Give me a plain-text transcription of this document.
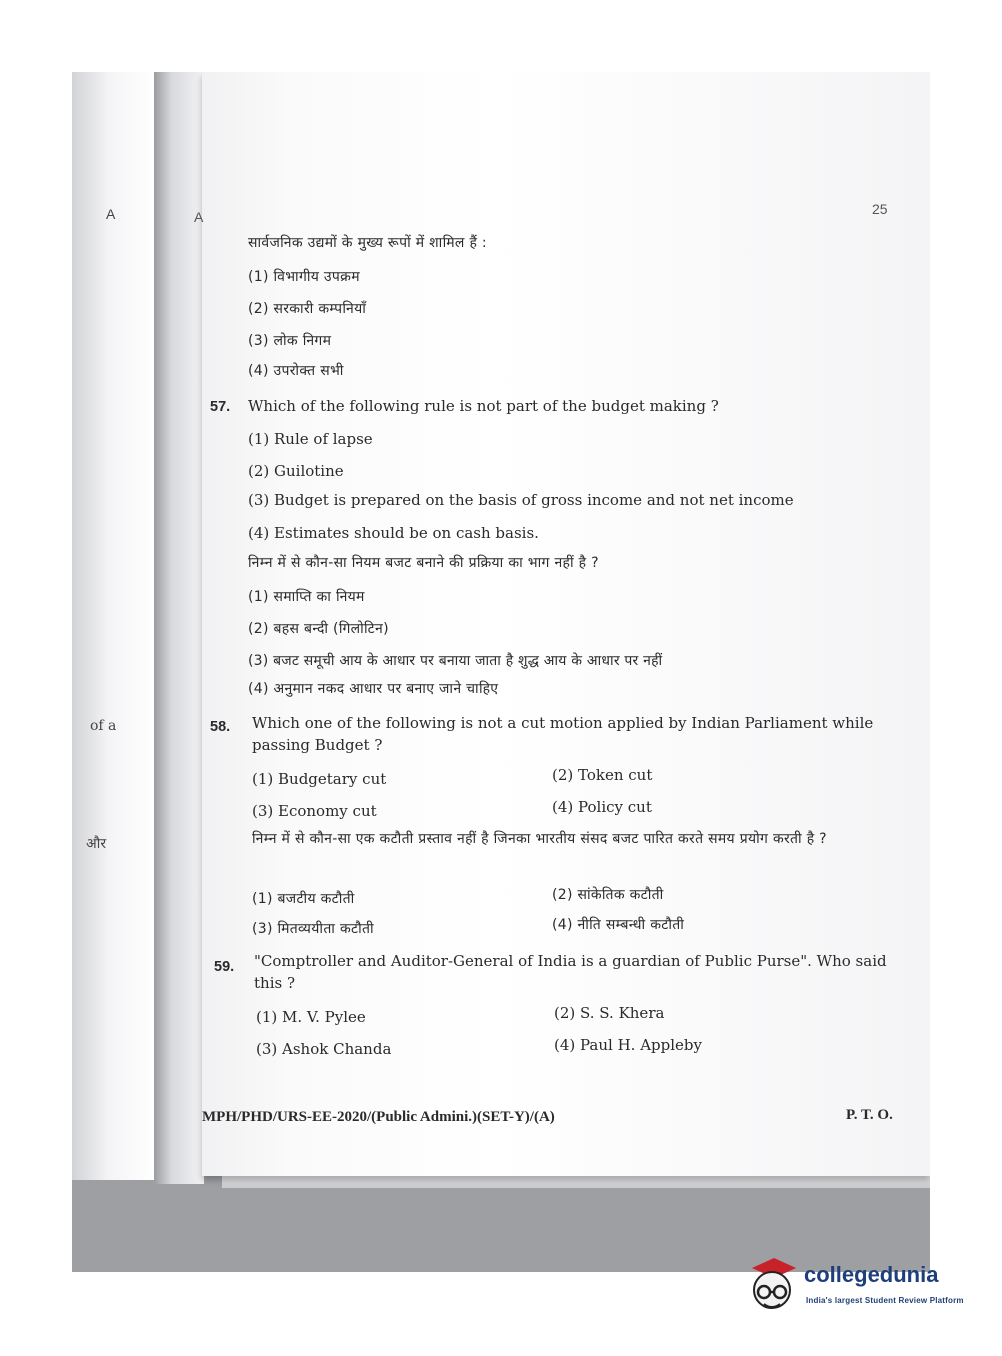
A
of a
और
A	25
सार्वजनिक उद्यमों के मुख्य रूपों में शामिल हैं :
(1) विभागीय उपक्रम
(2) सरकारी कम्पनियाँ
(3) लोक निगम
(4) उपरोक्त सभी
57. Which of the following rule is not part of the budget making ?
(1) Rule of lapse
(2) Guilotine
(3) Budget is prepared on the basis of gross income and not net income
(4) Estimates should be on cash basis.
निम्न में से कौन-सा नियम बजट बनाने की प्रक्रिया का भाग नहीं है ?
(1) समाप्ति का नियम
(2) बहस बन्दी (गिलोटिन)
(3) बजट समूची आय के आधार पर बनाया जाता है शुद्ध आय के आधार पर नहीं
(4) अनुमान नकद आधार पर बनाए जाने चाहिए
58. Which one of the following is not a cut motion applied by Indian Parliament while passing Budget ?
(1) Budgetary cut	(2) Token cut
(3) Economy cut	(4) Policy cut
निम्न में से कौन-सा एक कटौती प्रस्ताव नहीं है जिनका भारतीय संसद बजट पारित करते समय प्रयोग करती है ?
(1) बजटीय कटौती	(2) सांकेतिक कटौती
(3) मितव्ययीता कटौती	(4) नीति सम्बन्धी कटौती
59. "Comptroller and Auditor-General of India is a guardian of Public Purse". Who said this ?
(1) M. V. Pylee	(2) S. S. Khera
(3) Ashok Chanda	(4) Paul H. Appleby
MPH/PHD/URS-EE-2020/(Public Admini.)(SET-Y)/(A)	P. T. O.
collegedunia
India's largest Student Review Platform
